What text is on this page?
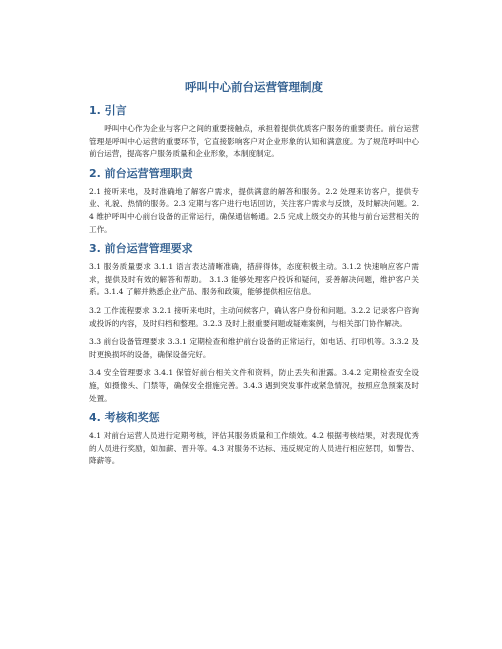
呼叫中心前台运营管理制度
1. 引言

呼叫中心作为企业与客户之间的重要接触点，承担着提供优质客户服务的重要责任。前台运营管理是呼叫中心运营的重要环节，它直接影响客户对企业形象的认知和满意度。为了规范呼叫中心前台运营，提高客户服务质量和企业形象，本制度制定。

2. 前台运营管理职责

2.1 接听来电，及时准确地了解客户需求，提供满意的解答和服务。2.2 处理来访客户，提供专业、礼貌、热情的服务。2.3 定期与客户进行电话回访，关注客户需求与反馈，及时解决问题。2.4 维护呼叫中心前台设备的正常运行，确保通信畅通。2.5 完成上级交办的其他与前台运营相关的工作。

3. 前台运营管理要求

3.1 服务质量要求 3.1.1 语言表达清晰准确，措辞得体，态度积极主动。3.1.2 快速响应客户需求，提供及时有效的解答和帮助。 3.1.3 能够处理客户投诉和疑问，妥善解决问题，维护客户关系。3.1.4 了解并熟悉企业产品、服务和政策，能够提供相应信息。

3.2 工作流程要求 3.2.1 接听来电时，主动问候客户，确认客户身份和问题。3.2.2 记录客户咨询或投诉的内容，及时归档和整理。3.2.3 及时上报重要问题或疑难案例，与相关部门协作解决。

3.3 前台设备管理要求 3.3.1 定期检查和维护前台设备的正常运行，如电话、打印机等。3.3.2 及时更换损坏的设备，确保设备完好。

3.4 安全管理要求 3.4.1 保管好前台相关文件和资料，防止丢失和泄露。3.4.2 定期检查安全设施，如摄像头、门禁等，确保安全措施完善。3.4.3 遇到突发事件或紧急情况，按照应急预案及时处置。

4. 考核和奖惩

4.1 对前台运营人员进行定期考核，评估其服务质量和工作绩效。4.2 根据考核结果，对表现优秀的人员进行奖励，如加薪、晋升等。4.3 对服务不达标、违反规定的人员进行相应惩罚，如警告、降薪等。
